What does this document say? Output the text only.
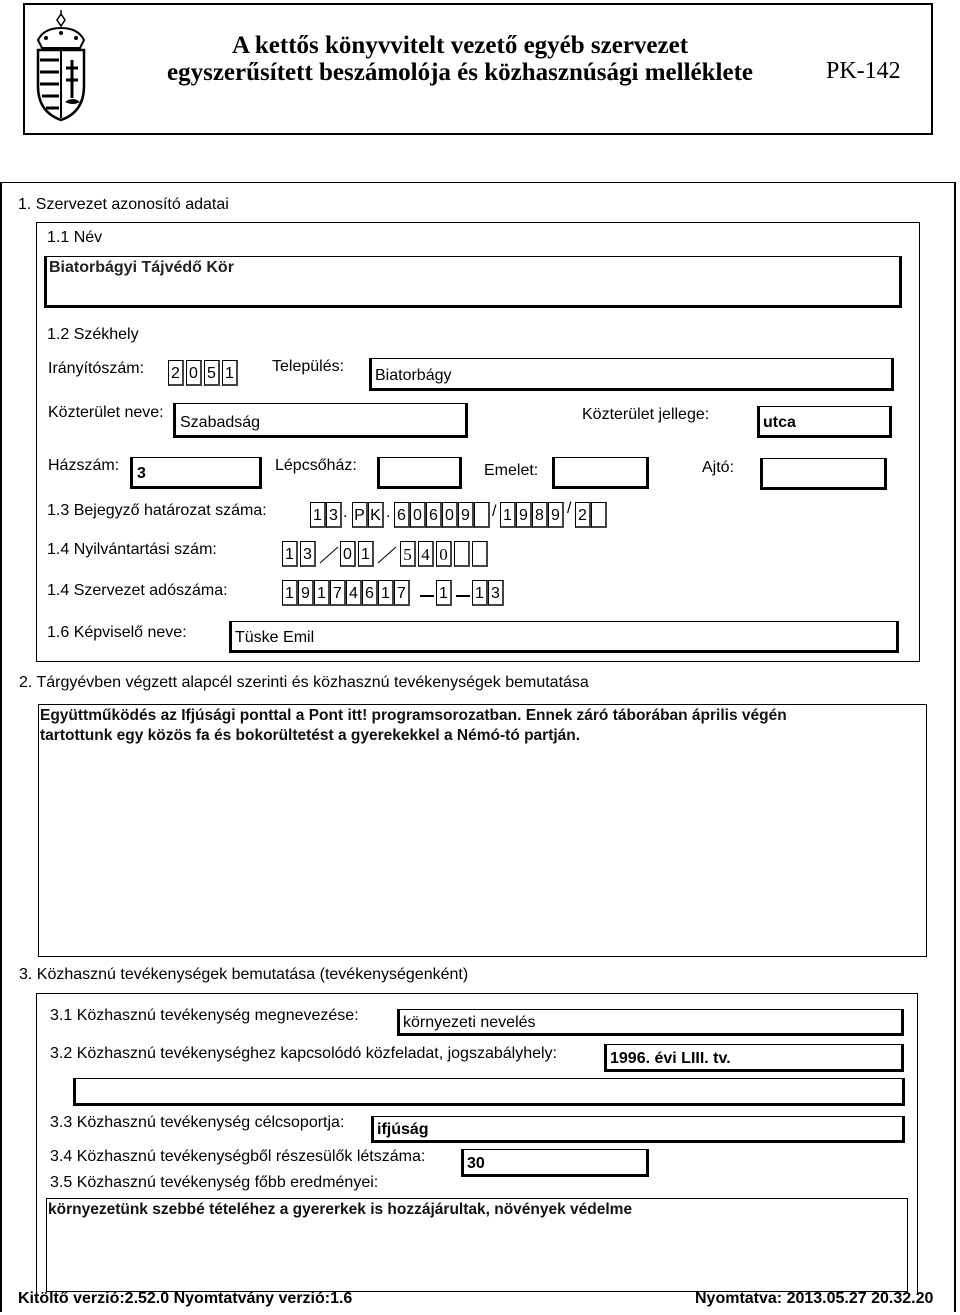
A kettős könyvvitelt vezető egyéb szervezet
egyszerűsített beszámolója és közhasznúsági melléklete	PK-142
1. Szervezet azonosító adatai
1.1 Név
Biatorbágyi Tájvédő Kör
1.2 Székhely
Irányítószám: 2 0 5 1 Település:
Biatorbágy
Közterület neve:
Szabadság	Közterület jellege:	utca
Házszám: 3	Lépcsőház:	Emelet:	Ajtó:
1.3 Bejegyző határozat száma:	1 3 . P K . 6 0 6 0 9 / 1 9 8 9 / 2
1.4 Nyilvántartási szám:	1 3 0 1 5 4 0
1.4 Szervezet adószáma:	1 9 1 7 4 6 1 7 1 1 3
1.6 Képviselő neve:	Tüske Emil
2. Tárgyévben végzett alapcél szerinti és közhasznú tevékenységek bemutatása
Együttműködés az Ifjúsági ponttal a Pont itt! programsorozatban. Ennek záró táborában április végén
tartottunk egy közös fa és bokorültetést a gyerekekkel a Némó-tó partján.
3. Közhasznú tevékenységek bemutatása (tevékenységenként)
3.1 Közhasznú tevékenység megnevezése:	környezeti nevelés
3.2 Közhasznú tevékenységhez kapcsolódó közfeladat, jogszabályhely:	1996. évi LIII. tv.
3.3 Közhasznú tevékenység célcsoportja: ifjúság
3.4 Közhasznú tevékenységből részesülők létszáma:	30
3.5 Közhasznú tevékenység főbb eredményei:
környezetünk szebbé tételéhez a gyererkek is hozzájárultak, növények védelme
Kitöltő verzió:2.52.0 Nyomtatvány verzió:1.6	Nyomtatva: 2013.05.27 20.32.20
